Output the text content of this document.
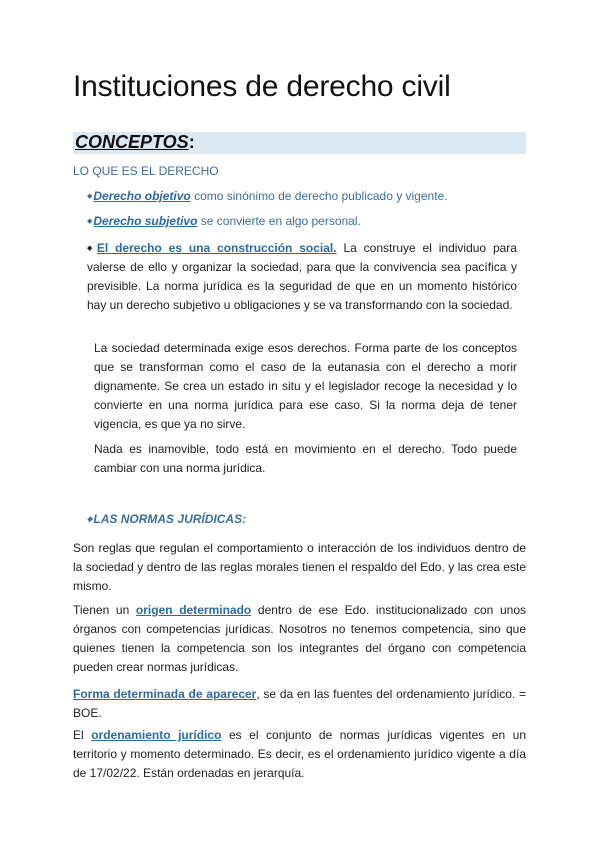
Instituciones de derecho civil
CONCEPTOS:
LO QUE ES EL DERECHO
◆Derecho objetivo como sinónimo de derecho publicado y vigente.
◆Derecho subjetivo se convierte en algo personal.
◆El derecho es una construcción social. La construye el individuo para valerse de ello y organizar la sociedad, para que la convivencia sea pacífica y previsible. La norma jurídica es la seguridad de que en un momento histórico hay un derecho subjetivo u obligaciones y se va transformando con la sociedad.
La sociedad determinada exige esos derechos. Forma parte de los conceptos que se transforman como el caso de la eutanasia con el derecho a morir dignamente. Se crea un estado in situ y el legislador recoge la necesidad y lo convierte en una norma jurídica para ese caso. Si la norma deja de tener vigencia, es que ya no sirve.
Nada es inamovible, todo está en movimiento en el derecho. Todo puede cambiar con una norma jurídica.
◆LAS NORMAS JURÍDICAS:
Son reglas que regulan el comportamiento o interacción de los individuos dentro de la sociedad y dentro de las reglas morales tienen el respaldo del Edo. y las crea este mismo.
Tienen un origen determinado dentro de ese Edo. institucionalizado con unos órganos con competencias jurídicas. Nosotros no tenemos competencia, sino que quienes tienen la competencia son los integrantes del órgano con competencia pueden crear normas jurídicas.
Forma determinada de aparecer, se da en las fuentes del ordenamiento jurídico. = BOE.
El ordenamiento jurídico es el conjunto de normas jurídicas vigentes en un territorio y momento determinado. Es decir, es el ordenamiento jurídico vigente a día de 17/02/22. Están ordenadas en jerarquía.
